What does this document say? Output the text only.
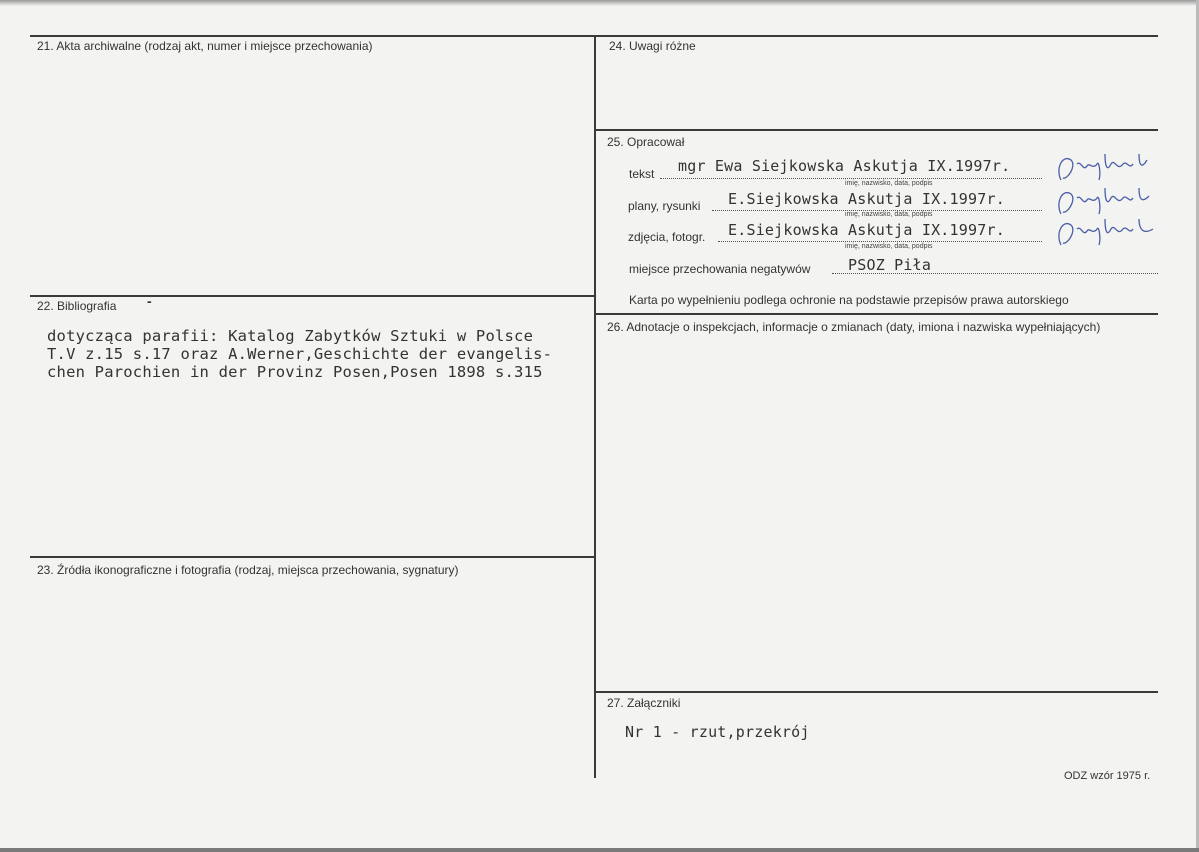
21. Akta archiwalne (rodzaj akt, numer i miejsce przechowania)
22. Bibliografia -
dotycząca parafii: Katalog Zabytków Sztuki w Polsce
T.V z.15 s.17 oraz A.Werner,Geschichte der evangelis-
chen Parochien in der Provinz Posen,Posen 1898 s.315
23. Źródła ikonograficzne i fotografia (rodzaj, miejsca przechowania, sygnatury)
24. Uwagi różne
25. Opracował
tekst mgr Ewa Siejkowska Askutja IX.1997r.
imię, nazwisko, data, podpis
plany, rysunki E.Siejkowska Askutja IX.1997r.
imię, nazwisko, data, podpis
zdjęcia, fotogr. E.Siejkowska Askutja IX.1997r.
imię, nazwisko, data, podpis
miejsce przechowania negatywów	PSOZ Piła
Karta po wypełnieniu podlega ochronie na podstawie przepisów prawa autorskiego
26. Adnotacje o inspekcjach, informacje o zmianach (daty, imiona i nazwiska wypełniających)
27. Załączniki
Nr 1 - rzut,przekrój
ODZ wzór 1975 r.
